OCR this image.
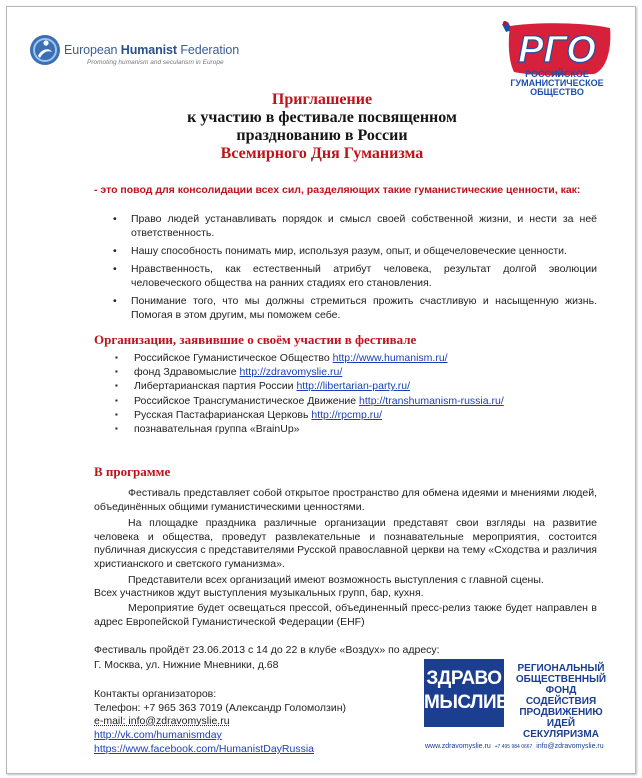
European Humanist Federation
Promoting humanism and secularism in Europe	РГО
РОССИЙСКОЕ
ГУМАНИСТИЧЕСКОЕ
ОБЩЕСТВО
Приглашение
к участию в фестивале посвященном
празднованию в России
Всемирного Дня Гуманизма
- это повод для консолидации всех сил, разделяющих такие гуманистические ценности, как:
• Право людей устанавливать порядок и смысл своей собственной жизни, и нести за неё ответственность.
• Нашу способность понимать мир, используя разум, опыт, и общечеловеческие ценности.
• Нравственность, как естественный атрибут человека, результат долгой эволюции человеческого общества на ранних стадиях его становления.
• Понимание того, что мы должны стремиться прожить счастливую и насыщенную жизнь. Помогая в этом другим, мы поможем себе.
Организации, заявившие о своём участии в фестивале
▪ Российское Гуманистическое Общество http://www.humanism.ru/
▪ фонд Здравомыслие http://zdravomyslie.ru/
▪ Либертарианская партия России http://libertarian-party.ru/
▪ Российское Трансгуманистическое Движение http://transhumanism-russia.ru/
▪ Русская Пастафарианская Церковь http://rpcmp.ru/
▪ познавательная группа «BrainUp»
В программе
Фестиваль представляет собой открытое пространство для обмена идеями и мнениями людей, объединённых общими гуманистическими ценностями.
На площадке праздника различные организации представят свои взгляды на развитие человека и общества, проведут развлекательные и познавательные мероприятия, состоится публичная дискуссия с представителями Русской православной церкви на тему «Сходства и различия христианского и светского гуманизма».
Представители всех организаций имеют возможность выступления с главной сцены.
Всех участников ждут выступления музыкальных групп, бар, кухня.
Мероприятие будет освещаться прессой, объединенный пресс-релиз также будет направлен в адрес Европейской Гуманистической Федерации (EHF)
Фестиваль пройдёт 23.06.2013 с 14 до 22 в клубе «Воздух» по адресу:
Г. Москва, ул. Нижние Мневники, д.68
Контакты организаторов:
Телефон: +7 965 363 7019 (Александр Голомолзин)
e-mail: info@zdravomyslie.ru
http://vk.com/humanismday
https://www.facebook.com/HumanistDayRussia
ЗДРАВО
МЫСЛИЕ
РЕГИОНАЛЬНЫЙ
ОБЩЕСТВЕННЫЙ
ФОНД
СОДЕЙСТВИЯ
ПРОДВИЖЕНИЮ
ИДЕЙ
СЕКУЛЯРИЗМА
www.zdravomyslie.ru +7 495 984 0667 info@zdravomyslie.ru
